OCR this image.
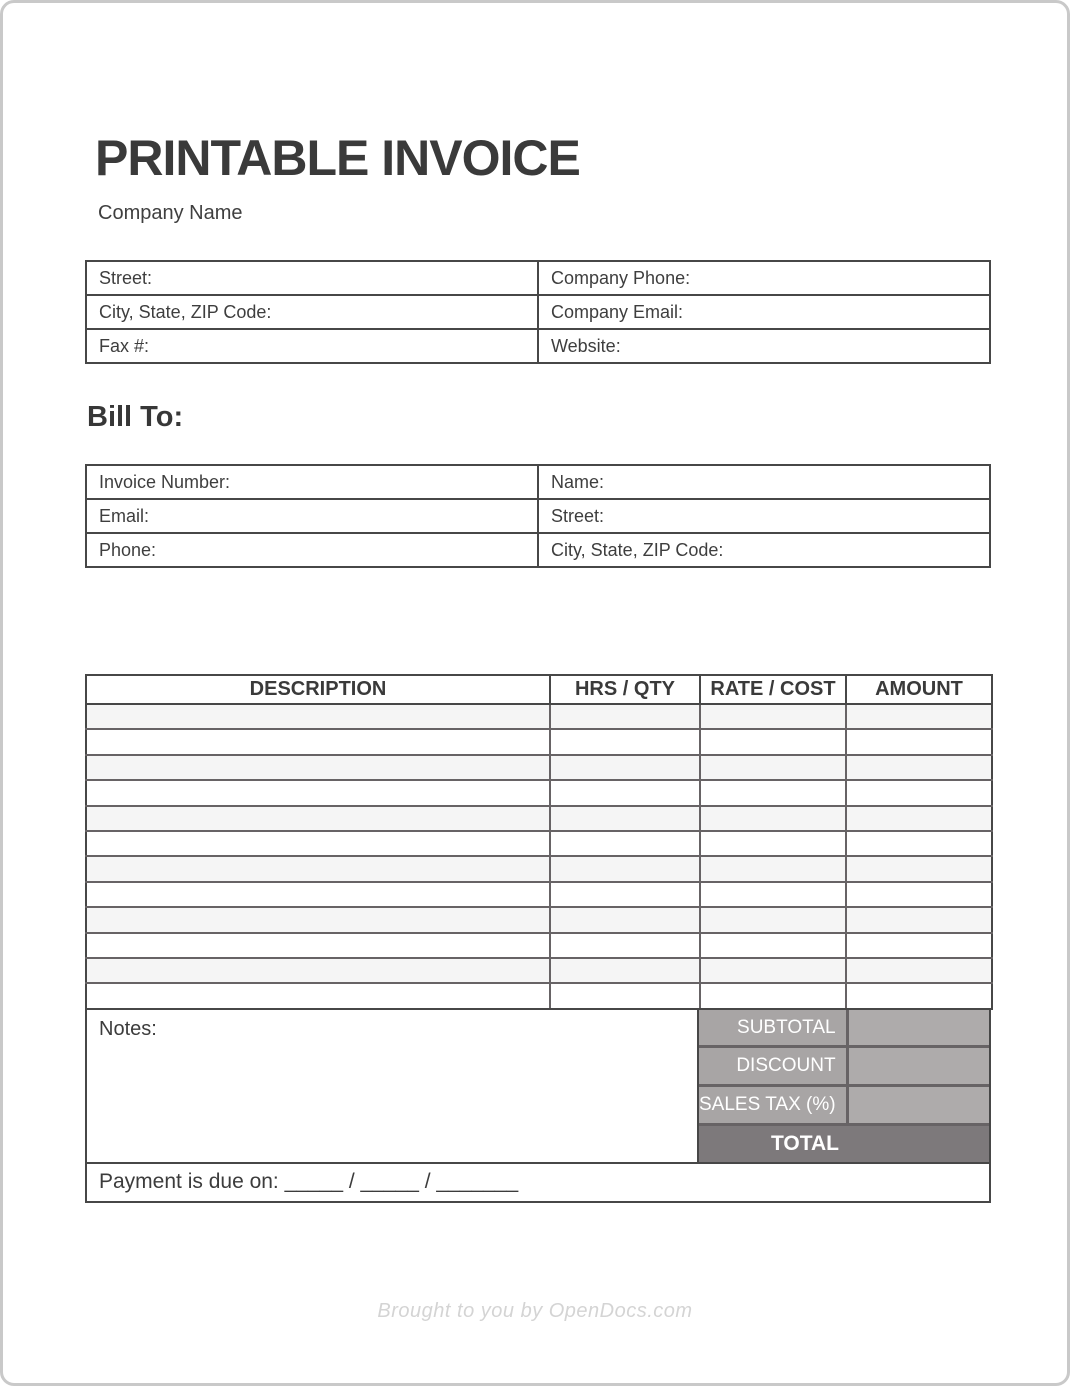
PRINTABLE INVOICE
Company Name
Street:	Company Phone:
City, State, ZIP Code:	Company Email:
Fax #:	Website:
Bill To:
Invoice Number:	Name:
Email:	Street:
Phone:	City, State, ZIP Code:
DESCRIPTION	HRS / QTY	RATE / COST	AMOUNT

Notes:	SUBTOTAL
DISCOUNT
SALES TAX (%)
TOTAL
Payment is due on: _____ / _____ / _______
Brought to you by OpenDocs.com
